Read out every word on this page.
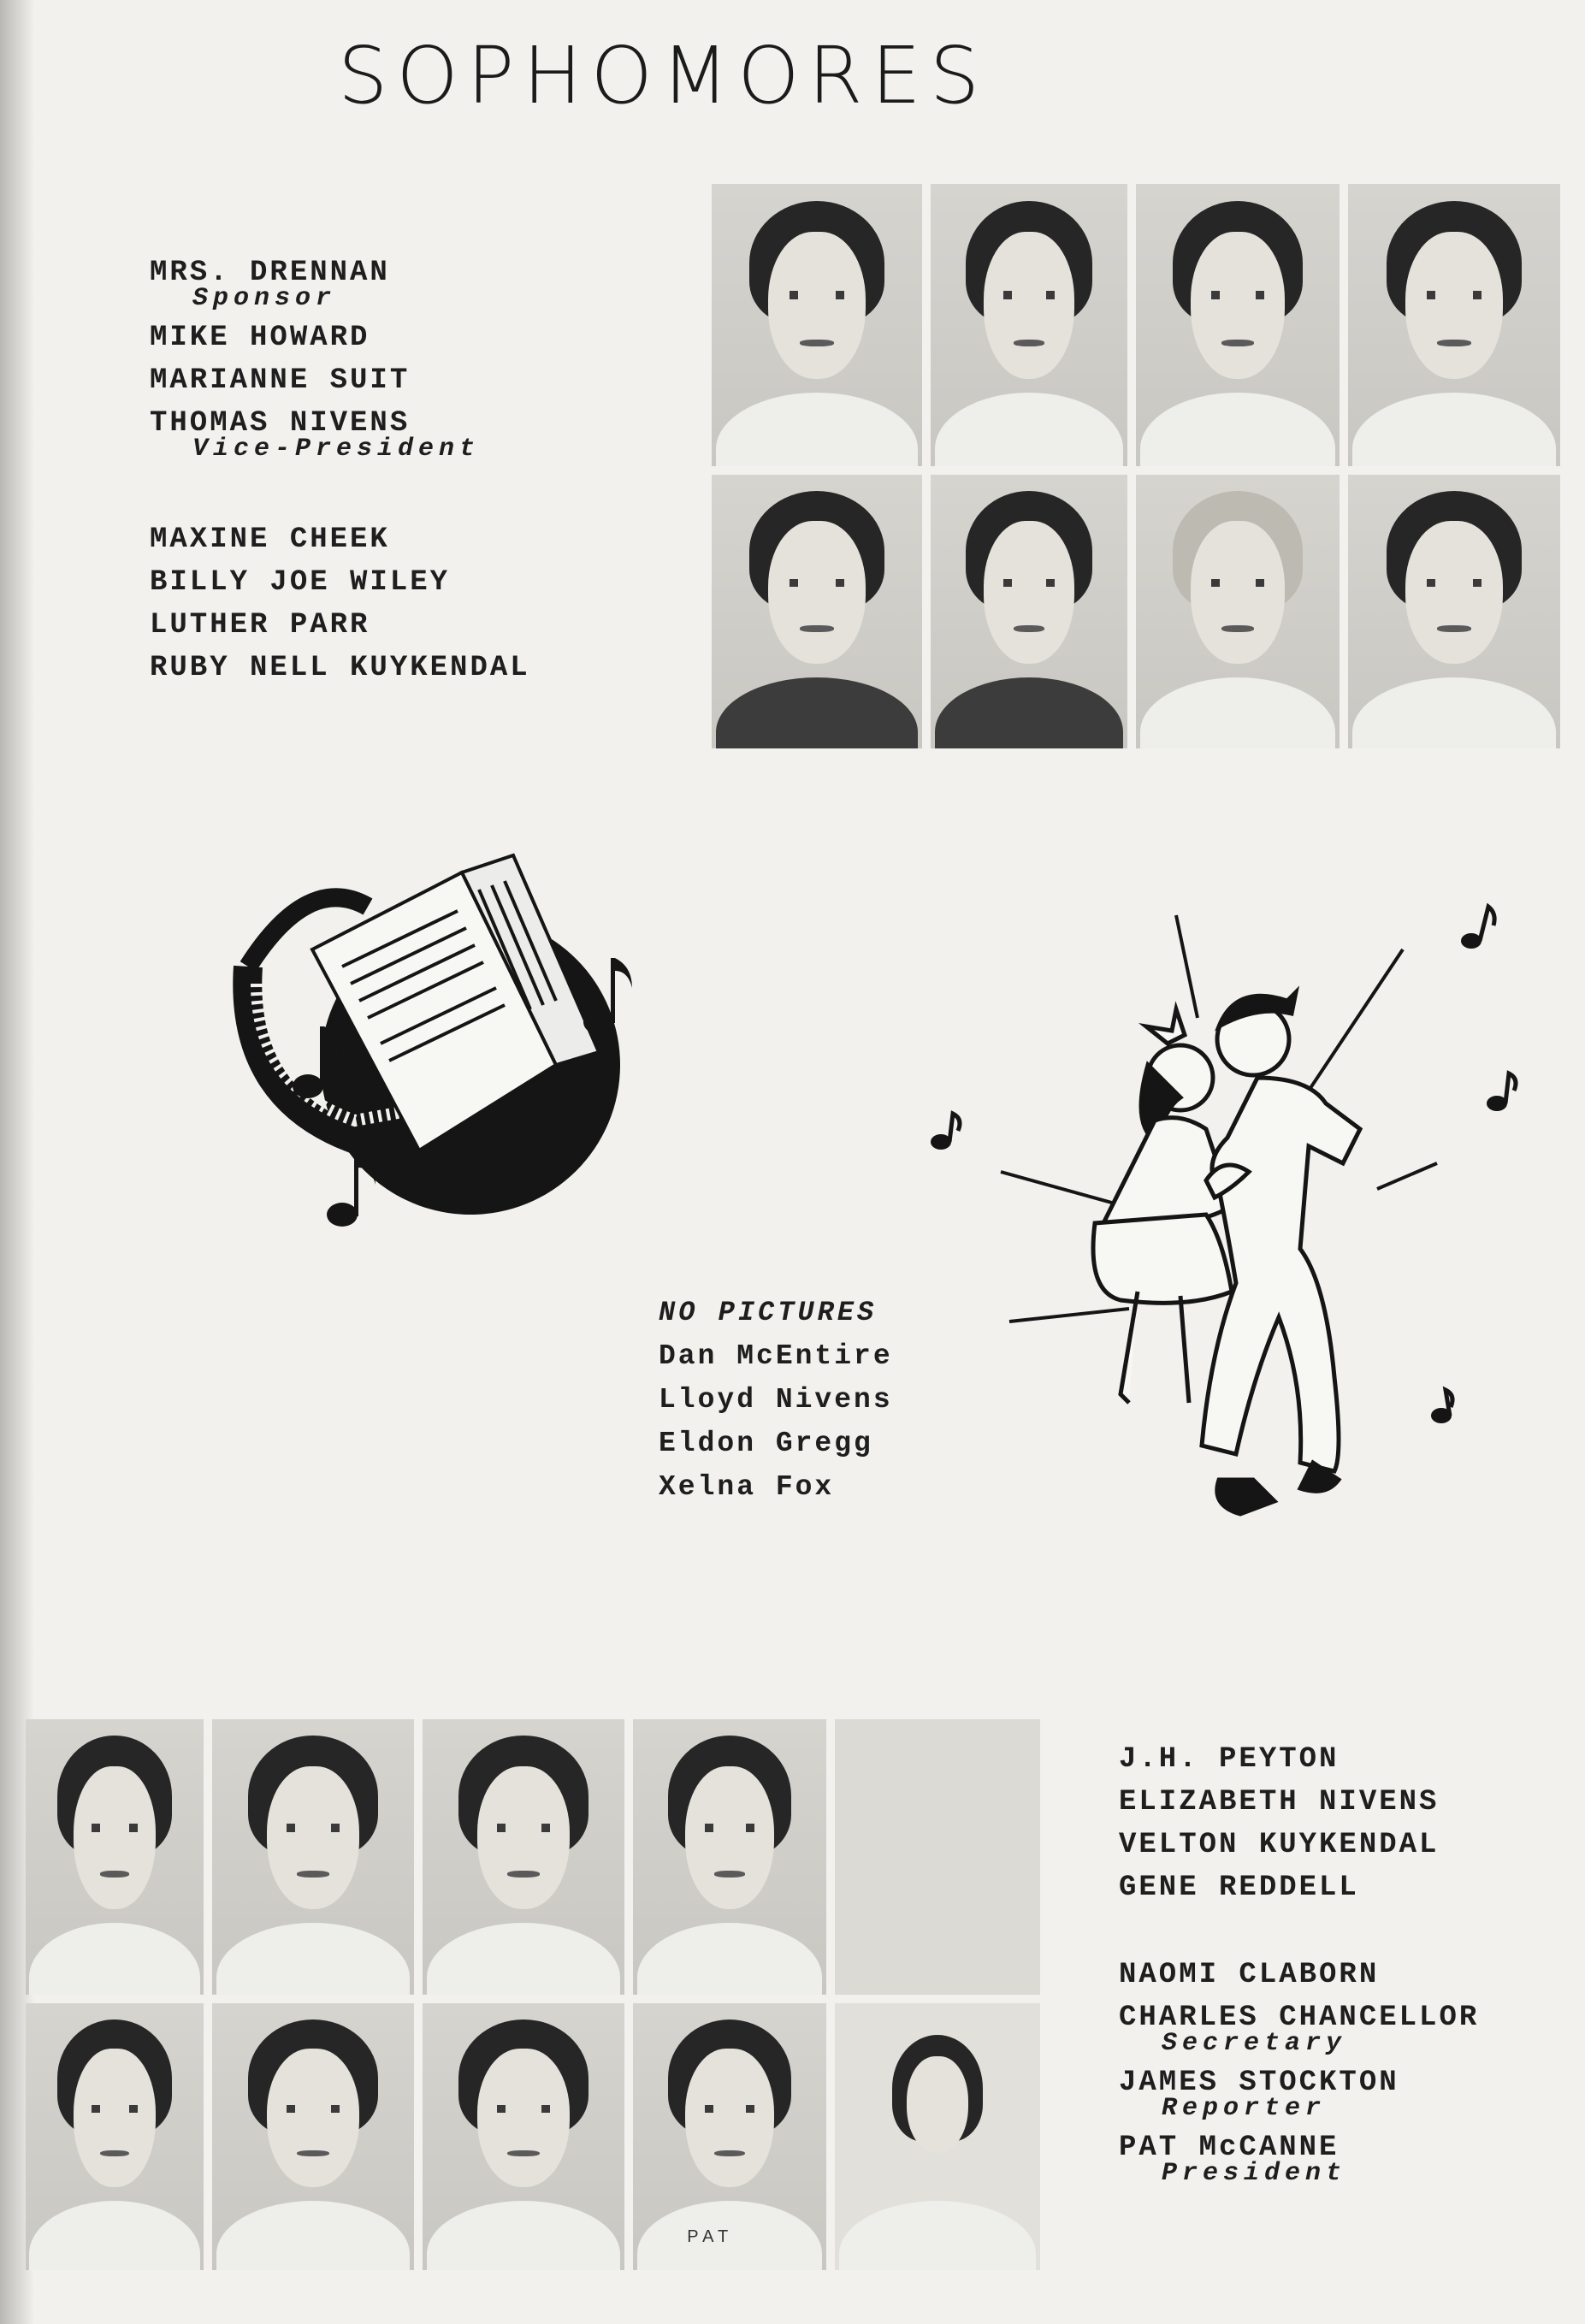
SOPHOMORES
MRS. DRENNAN
Sponsor
MIKE HOWARD
MARIANNE SUIT
THOMAS NIVENS
Vice-President
MAXINE CHEEK
BILLY JOE WILEY
LUTHER PARR
RUBY NELL KUYKENDAL
NO PICTURES
Dan McEntire
Lloyd Nivens
Eldon Gregg
Xelna Fox
PAT
J.H. PEYTON
ELIZABETH NIVENS
VELTON KUYKENDAL
GENE REDDELL
NAOMI CLABORN
CHARLES CHANCELLOR
Secretary
JAMES STOCKTON
Reporter
PAT McCANNE
President
